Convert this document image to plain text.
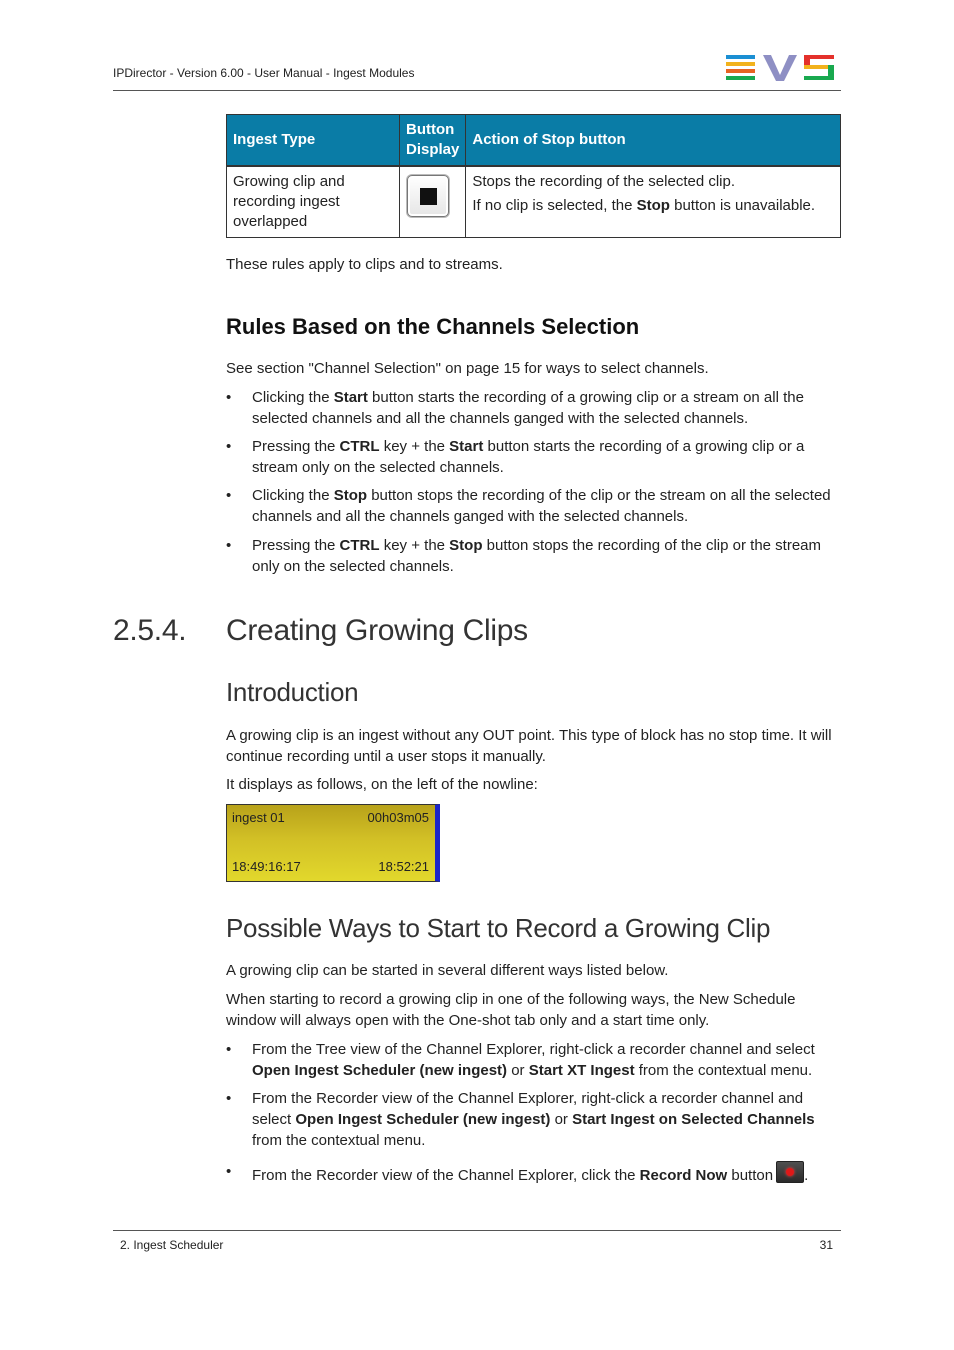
IPDirector - Version 6.00 - User Manual - Ingest Modules
Ingest Type	Button Display	Action of Stop button
Growing clip and recording ingest overlapped		Stops the recording of the selected clip.
If no clip is selected, the Stop button is unavailable.

These rules apply to clips and to streams.

Rules Based on the Channels Selection

See section "Channel Selection" on page 15 for ways to select channels.

• Clicking the Start button starts the recording of a growing clip or a stream on all the selected channels and all the channels ganged with the selected channels.
• Pressing the CTRL key + the Start button starts the recording of a growing clip or a stream only on the selected channels.
• Clicking the Stop button stops the recording of the clip or the stream on all the selected channels and all the channels ganged with the selected channels.
• Pressing the CTRL key + the Stop button stops the recording of the clip or the stream only on the selected channels.
2.5.4. Creating Growing Clips
Introduction

A growing clip is an ingest without any OUT point. This type of block has no stop time. It will continue recording until a user stops it manually.

It displays as follows, on the left of the nowline:

ingest 01	00h03m05
18:49:16:17	18:52:21
Possible Ways to Start to Record a Growing Clip

A growing clip can be started in several different ways listed below.

When starting to record a growing clip in one of the following ways, the New Schedule window will always open with the One-shot tab only and a start time only.

• From the Tree view of the Channel Explorer, right-click a recorder channel and select Open Ingest Scheduler (new ingest) or Start XT Ingest from the contextual menu.
• From the Recorder view of the Channel Explorer, right-click a recorder channel and select Open Ingest Scheduler (new ingest) or Start Ingest on Selected Channels from the contextual menu.
• From the Recorder view of the Channel Explorer, click the Record Now button .
2. Ingest Scheduler	31
